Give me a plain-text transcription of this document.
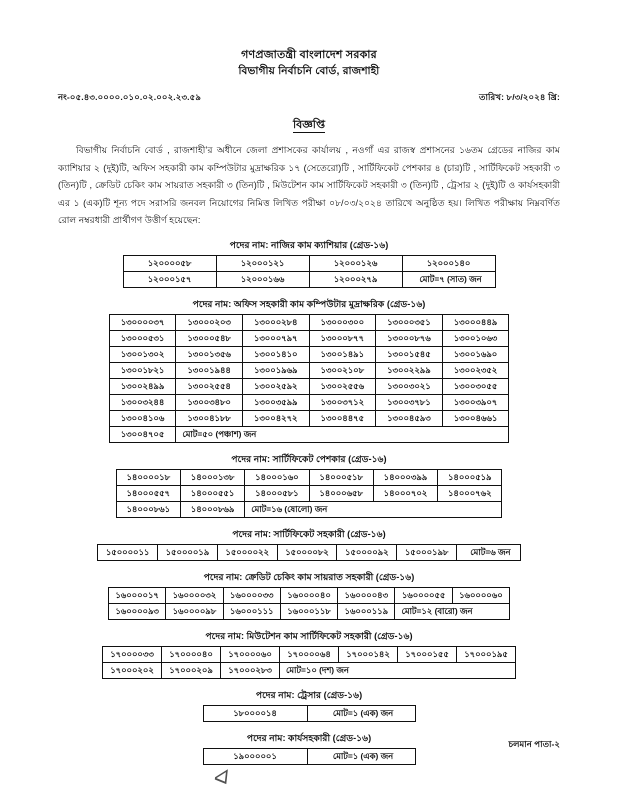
গণপ্রজাতন্ত্রী বাংলাদেশ সরকার
বিভাগীয় নির্বাচনি বোর্ড, রাজশাহী
নং-০৫.৪৩.০০০০.০১০.০২.০০২.২৩.৫৯	তারিখ: ৮/৩/২০২৪ খ্রি:
বিজ্ঞপ্তি

বিভাগীয় নির্বাচনি বোর্ড , রাজশাহী’র অধীনে জেলা প্রশাসকের কার্যালয় , নওগাঁ এর রাজস্ব প্রশাসনের ১৬তম গ্রেডের নাজির কাম ক্যাশিয়ার ২ (দুই)টি, অফিস সহকারী কাম কম্পিউটার মুদ্রাক্ষরিক ১৭ (সেতেরো)টি , সার্টিফিকেট পেশকার ৪ (চার)টি , সার্টিফিকেট সহকারী ৩ (তিন)টি , ক্রেডিট চেকিং কাম সায়রাত সহকারী ৩ (তিন)টি , মিউটেশন কাম সার্টিফিকেট সহকারী ৩ (তিন)টি , ট্রেসার ২ (দুই)টি ও কার্যসহকারী এর ১ (এক)টি শূন্য পদে সরাসরি জনবল নিয়োগের নিমিত্ত লিখিত পরীক্ষা ০৮/০৩/২০২৪ তারিখে অনুষ্ঠিত হয়। লিখিত পরীক্ষায় নিম্নবর্ণিত রোল নম্বরধারী প্রার্থীগণ উত্তীর্ণ হয়েছেন:

পদের নাম: নাজির কাম ক্যাশিয়ার (গ্রেড-১৬)
১২০০০০৫৮	১২০০০১২১	১২০০০১২৬	১২০০০১৪০
১২০০০১৫৭	১২০০০১৬৬	১২০০০২৭৯	মোট=৭ (সাত) জন
পদের নাম: অফিস সহকারী কাম কম্পিউটার মুদ্রাক্ষরিক (গ্রেড-১৬)
১৩০০০০৩৭	১৩০০০২০৩	১৩০০০২৮৪	১৩০০০৩০০	১৩০০০৩৫১	১৩০০০৪৪৯
১৩০০০৫৩১	১৩০০০৫৪৮	১৩০০০৭৯৭	১৩০০০৮৭৭	১৩০০০৮৭৬	১৩০০১০৬৩
১৩০০১৩০২	১৩০০১৩৫৬	১৩০০১৪১০	১৩০০১৪৯১	১৩০০১৫৪৫	১৩০০১৬৯০
১৩০০১৮২১	১৩০০১৯৪৪	১৩০০১৯৬৯	১৩০০২১০৮	১৩০০২২৯৯	১৩০০২৩৫২
১৩০০২৪৯৯	১৩০০২৫৫৪	১৩০০২৫৯২	১৩০০২৫৫৬	১৩০০৩০২১	১৩০০৩০৫৫
১৩০০৩২৪৪	১৩০০৩৪৮০	১৩০০৩৫৯৯	১৩০০৩৭১২	১৩০০৩৭৮১	১৩০০৩৯০৭
১৩০০৪১০৬	১৩০০৪১৮৮	১৩০০৪২৭২	১৩০০৪৪৭৫	১৩০০৪৫৯৩	১৩০০৪৬৬১
১৩০০৪৭০৫	মোট=৫০ (পঞ্চাশ) জন				
পদের নাম: সার্টিফিকেট পেশকার (গ্রেড-১৬)
১৪০০০০১৮	১৪০০০১৩৮	১৪০০০১৬০	১৪০০০৫১৮	১৪০০০৩৯৯	১৪০০০৫১৯
১৪০০০৫৫৭	১৪০০০৫৫১	১৪০০০৫৮১	১৪০০০৬৫৮	১৪০০০৭০২	১৪০০০৭৬২
১৪০০০৮৬১	১৪০০০৮৬৯	মোট=১৬ (ষোলো) জন			
পদের নাম: সার্টিফিকেট সহকারী (গ্রেড-১৬)
১৫০০০০১১	১৫০০০০১৯	১৫০০০০২২	১৫০০০০৮২	১৫০০০০৯২	১৫০০০১৯৮	মোট=৬ জন
পদের নাম: ক্রেডিট চেকিং কাম সায়রাত সহকারী (গ্রেড-১৬)
১৬০০০০১৭	১৬০০০০৩২	১৬০০০০৩৩	১৬০০০০৪০	১৬০০০০৪৩	১৬০০০০৫৫	১৬০০০০৬০
১৬০০০০৯৩	১৬০০০০৯৮	১৬০০০১১১	১৬০০০১১৮	১৬০০০১১৯	মোট=১২ (বারো) জন	
পদের নাম: মিউটেশন কাম সার্টিফিকেট সহকারী (গ্রেড-১৬)
১৭০০০০৩৩	১৭০০০০৪০	১৭০০০০৬০	১৭০০০০৬৪	১৭০০০১৪২	১৭০০০১৫৫	১৭০০০১৯৫
১৭০০০২০২	১৭০০০২০৯	১৭০০০২৮৩	মোট=১০ (দশ) জন			
পদের নাম: ট্রেসার (গ্রেড-১৬)
১৮০০০০১৪	মোট=১ (এক) জন
পদের নাম: কার্যসহকারী (গ্রেড-১৬)
১৯০০০০০১	মোট=১ (এক) জন
চলমান পাতা-২
ᐊ
